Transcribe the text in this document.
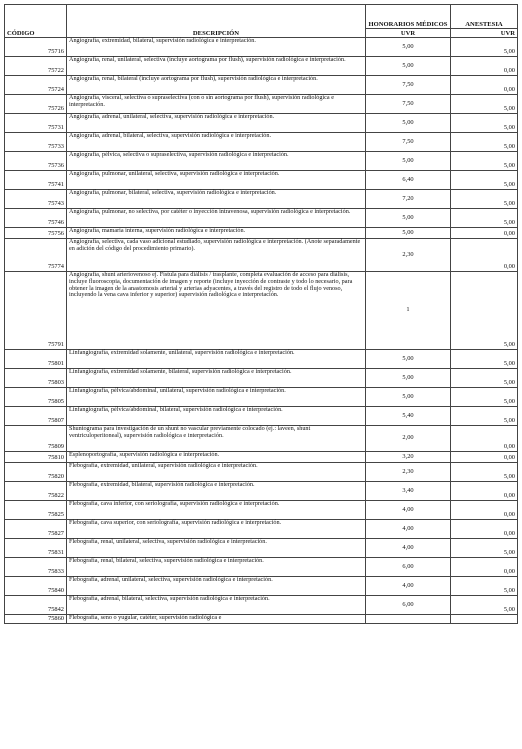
CÓDIGO	DESCRIPCIÓN	HONORARIOS MÉDICOS	ANESTESIA
		UVR	UVR
75716	Angiografía, extremidad, bilateral, supervisión radiológica e interpretación.	5,00	5,00
75722	Angiografía, renal, unilateral, selectiva (incluye aortograma por flush), supervisión radiológica e interpretación.	5,00	0,00
75724	Angiografía, renal, bilateral (incluye aortograma por flush), supervisión radiológica e interpretación.	7,50	0,00
75726	Angiografía, visceral, selectiva o supraselectiva (con o sin aortograma por flush), supervisión radiológica e interpretación.	7,50	5,00
75731	Angiografía, adrenal, unilateral, selectiva, supervisión radiológica e interpretación.	5,00	5,00
75733	Angiografía, adrenal, bilateral, selectiva, supervisión radiológica e interpretación.	7,50	5,00
75736	Angiografía, pélvica, selectiva o supraselectiva, supervisión radiológica e interpretación.	5,00	5,00
75741	Angiografía, pulmonar, unilateral, selectiva, supervisión radiológica e interpretación.	6,40	5,00
75743	Angiografía, pulmonar, bilateral, selectiva, supervisión radiológica e interpretación.	7,20	5,00
75746	Angiografía, pulmonar, no selectiva, por catéter o inyección intravenosa, supervisión radiológica e interpretación.	5,00	5,00
75756	Angiografía, mamaria interna, supervisión radiológica e interpretación.	5,00	0,00
75774	Angiografía, selectiva, cada vaso adicional estudiado, supervisión radiológica e interpretación. (Anote separadamente en adición del código del procedimiento primario).	2,30	0,00
75791	Angiografía, shunt arteriovenoso ej. Fístula para diálisis / trasplante, completa evaluación de acceso para diálisis, incluye fluoroscopia, documentación de imagen y reporte (incluye inyección de contraste y todo lo necesario, para obtener la imagen de la anastomosis arterial y arterias adyacentes, a través del registro de todo el flujo venoso, incluyendo la vena cava inferior y superior) supervisión radiológica e interpretación.	1	5,00
75801	Linfangiografía, extremidad solamente, unilateral, supervisión radiológica e interpretación.	5,00	5,00
75803	Linfangiografía, extremidad solamente, bilateral, supervisión radiológica e interpretación.	5,00	5,00
75805	Linfangiografía, pélvica/abdominal, unilateral, supervisión radiológica e interpretación.	5,00	5,00
75807	Linfangiografía, pélvica/abdominal, bilateral, supervisión radiológica e interpretación.	5,40	5,00
75809	Shuntograma para investigación de un shunt no vascular previamente colocado (ej.: laveen, shunt ventriculoperitoneal), supervisión radiológica e interpretación.	2,00	0,00
75810	Esplenoportografía, supervisión radiológica e interpretación.	3,20	0,00
75820	Flebografía, extremidad, unilateral, supervisión radiológica e interpretación.	2,30	5,00
75822	Flebografía, extremidad, bilateral, supervisión radiológica e interpretación.	3,40	0,00
75825	Flebografía, cava inferior, con seriolografía, supervisión radiológica e interpretación.	4,00	0,00
75827	Flebografía, cava superior, con seriolografía, supervisión radiológica e interpretación.	4,00	0,00
75831	Flebografía, renal, unilateral, selectiva, supervisión radiológica e interpretación.	4,00	5,00
75833	Flebografía, renal, bilateral, selectiva, supervisión radiológica e interpretación.	6,00	0,00
75840	Flebografía, adrenal, unilateral, selectiva, supervisión radiológica e interpretación.	4,00	5,00
75842	Flebografía, adrenal, bilateral, selectiva, supervisión radiológica e interpretación.	6,00	5,00
75860	Flebografía, seno o yugular, catéter, supervisión radiológica e		
